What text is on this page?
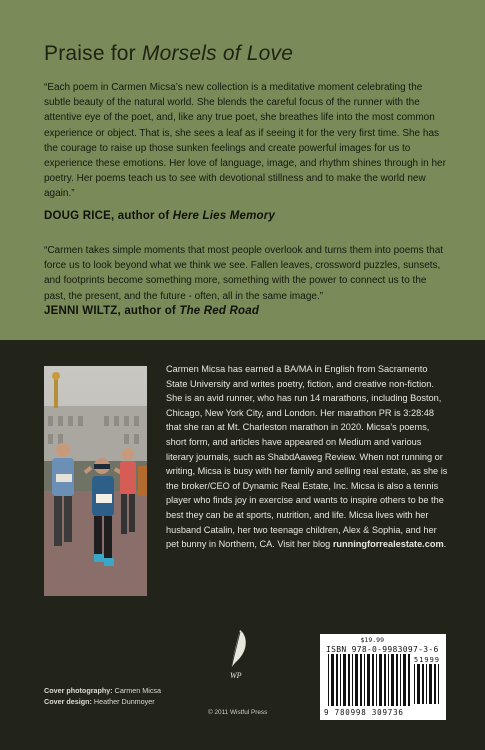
Praise for Morsels of Love

“Each poem in Carmen Micsa’s new collection is a meditative moment celebrating the subtle beauty of the natural world. She blends the careful focus of the runner with the attentive eye of the poet, and, like any true poet, she breathes life into the most common experience or object. That is, she sees a leaf as if seeing it for the very first time. She has the courage to raise up those sunken feelings and create powerful images for us to experience these emotions. Her love of language, image, and rhythm shines through in her poetry. Her poems teach us to see with devotional stillness and to make the world new again.”

DOUG RICE, author of Here Lies Memory

“Carmen takes simple moments that most people overlook and turns them into poems that force us to look beyond what we think we see. Fallen leaves, crossword puzzles, sunsets, and footprints become something more, something with the power to connect us to the past, the present, and the future - often, all in the same image.”

JENNI WILTZ, author of The Red Road

Carmen Micsa has earned a BA/MA in English from Sacramento State University and writes poetry, fiction, and creative non-fiction. She is an avid runner, who has run 14 marathons, including Boston, Chicago, New York City, and London. Her marathon PR is 3:28:48 that she ran at Mt. Charleston marathon in 2020. Micsa’s poems, short form, and articles have appeared on Medium and various literary journals, such as ShabdAaweg Review. When not running or writing, Micsa is busy with her family and selling real estate, as she is the broker/CEO of Dynamic Real Estate, Inc. Micsa is also a tennis player who finds joy in exercise and wants to inspire others to be the best they can be at sports, nutrition, and life. Micsa lives with her husband Catalin, her two teenage children, Alex & Sophia, and her pet bunny in Northern, CA. Visit her blog runningforrealestate.com.

WP
Cover photography: Carmen Micsa
Cover design: Heather Dunmoyer
© 2011 Wistful Press
$19.99
ISBN 978-0-9983097-3-6
51999
9 780998 309736
